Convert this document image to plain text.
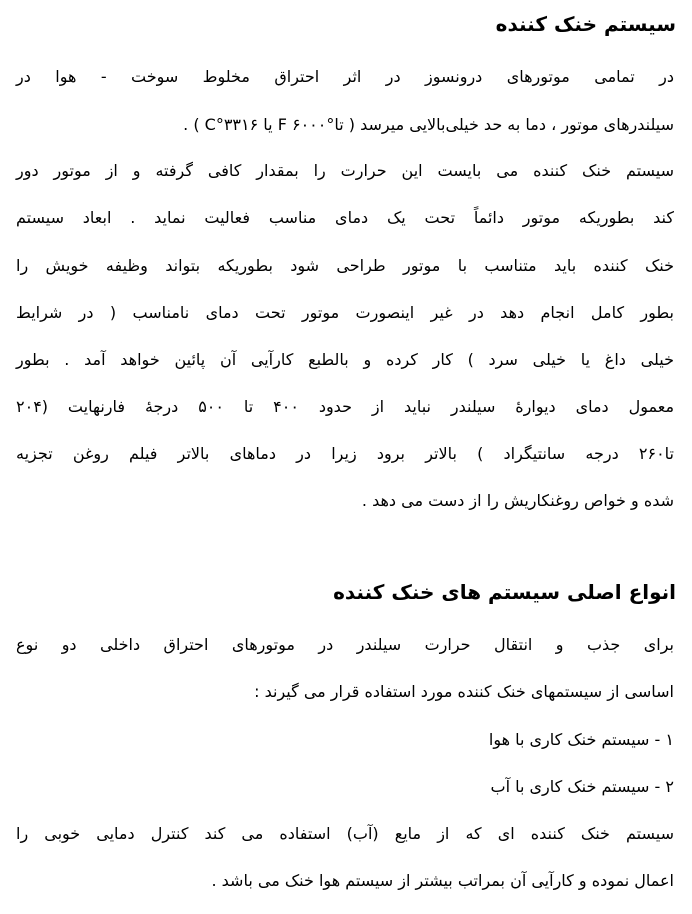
سیستم خنک کننده
در تمامی موتورهای درونسوز در اثر احتراق مخلوط سوخت - هوا در
سیلندرهای موتور ، دما به حد خیلی‌بالایی میرسد ( تا°F ۶۰۰۰ یا ۳۳۱۶°C ) .
سیستم خنک کننده می بایست این حرارت را بمقدار کافی گرفته و از موتور دور
کند بطوریکه موتور دائماً تحت یک دمای مناسب فعالیت نماید . ابعاد سیستم
خنک کننده باید متناسب با موتور طراحی شود بطوریکه بتواند وظیفه خویش را
بطور کامل انجام دهد در غیر اینصورت موتور تحت دمای نامناسب ( در شرایط
خیلی داغ یا خیلی سرد ) کار کرده و بالطبع کارآیی آن پائین خواهد آمد . بطور
معمول دمای دیوارهٔ سیلندر نباید از حدود ۴۰۰ تا ۵۰۰ درجهٔ فارنهایت (۲۰۴
تا۲۶۰ درجه سانتیگراد ) بالاتر برود زیرا در دماهای بالاتر فیلم روغن تجزیه
شده و خواص روغنکاریش را از دست می دهد .
انواع اصلی سیستم های خنک کننده
برای جذب و انتقال حرارت سیلندر در موتورهای احتراق داخلی دو نوع
اساسی از سیستمهای خنک کننده مورد استفاده قرار می گیرند :
۱ - سیستم خنک کاری با هوا
۲ - سیستم خنک کاری با آب
سیستم خنک کننده ای که از مایع (آب) استفاده می کند کنترل دمایی خوبی را
اعمال نموده و کارآیی آن بمراتب بیشتر از سیستم هوا خنک می باشد .
